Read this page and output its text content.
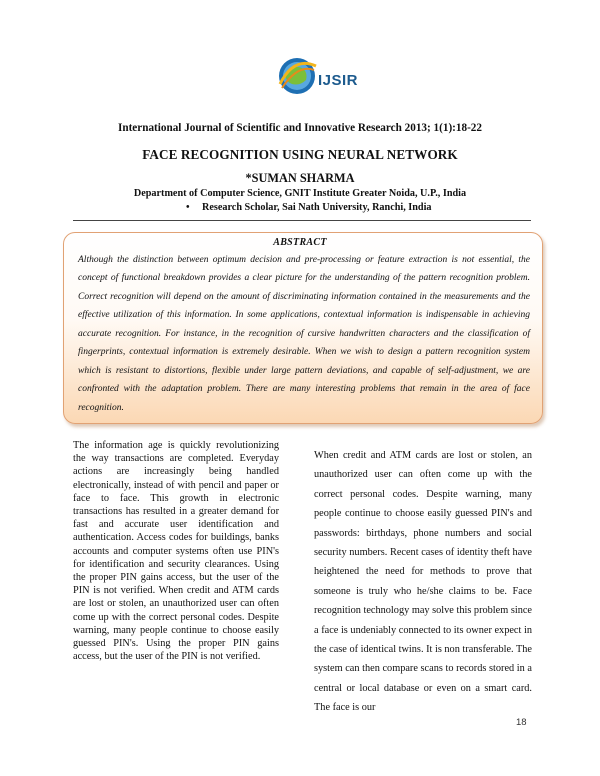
IJSIR
International Journal of Scientific and Innovative Research 2013; 1(1):18-22
FACE RECOGNITION USING NEURAL NETWORK
*SUMAN SHARMA
Department of Computer Science, GNIT Institute Greater Noida, U.P., India
• Research Scholar, Sai Nath University, Ranchi, India
ABSTRACT
Although the distinction between optimum decision and pre-processing or feature extraction is not essential, the concept of functional breakdown provides a clear picture for the understanding of the pattern recognition problem. Correct recognition will depend on the amount of discriminating information contained in the measurements and the effective utilization of this information. In some applications, contextual information is indispensable in achieving accurate recognition. For instance, in the recognition of cursive handwritten characters and the classification of fingerprints, contextual information is extremely desirable. When we wish to design a pattern recognition system which is resistant to distortions, flexible under large pattern deviations, and capable of self-adjustment, we are confronted with the adaptation problem. There are many interesting problems that remain in the area of face recognition.
The information age is quickly revolutionizing the way transactions are completed. Everyday actions are increasingly being handled electronically, instead of with pencil and paper or face to face. This growth in electronic transactions has resulted in a greater demand for fast and accurate user identification and authentication. Access codes for buildings, banks accounts and computer systems often use PIN's for identification and security clearances. Using the proper PIN gains access, but the user of the PIN is not verified. When credit and ATM cards are lost or stolen, an unauthorized user can often come up with the correct personal codes. Despite warning, many people continue to choose easily guessed PIN's. Using the proper PIN gains access, but the user of the PIN is not verified.
When credit and ATM cards are lost or stolen, an unauthorized user can often come up with the correct personal codes. Despite warning, many people continue to choose easily guessed PIN's and passwords: birthdays, phone numbers and social security numbers. Recent cases of identity theft have heightened the need for methods to prove that someone is truly who he/she claims to be. Face recognition technology may solve this problem since a face is undeniably connected to its owner expect in the case of identical twins. It is non transferable. The system can then compare scans to records stored in a central or local database or even on a smart card. The face is our
18
